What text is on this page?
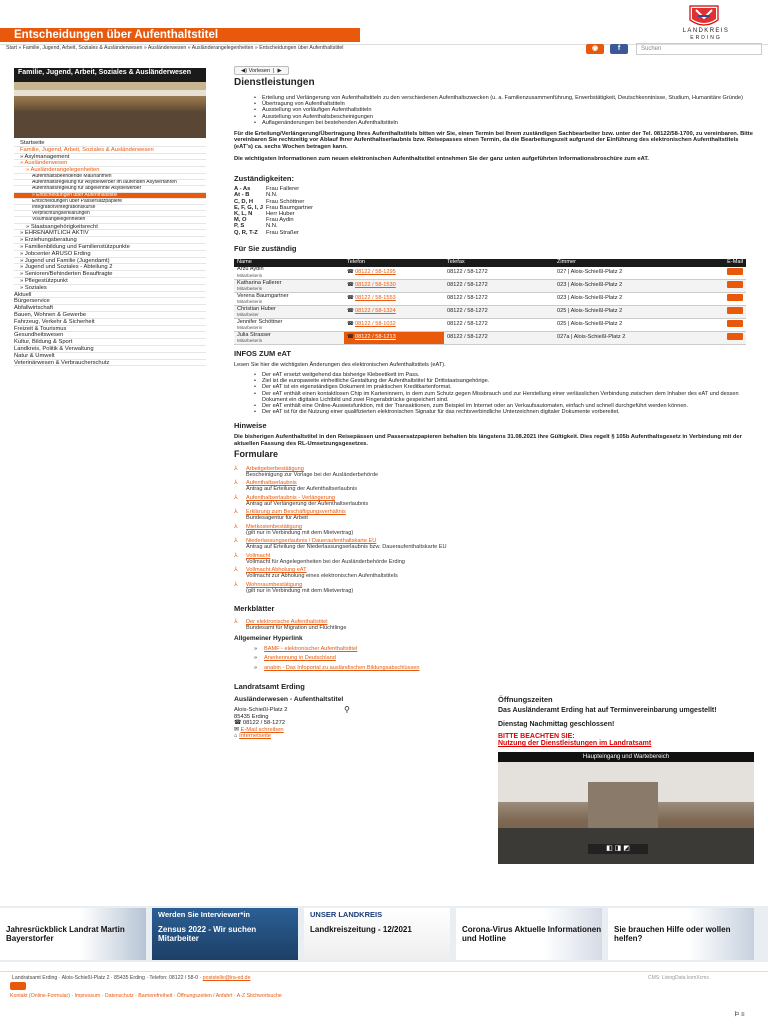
Entscheidungen über Aufenthaltstitel	LANDKREIS
ERDING
Start » Familie, Jugend, Arbeit, Soziales & Ausländerwesen » Ausländerwesen » Ausländerangelegenheiten » Entscheidungen über Aufenthaltstitel	◉	f	Suchen
Familie, Jugend, Arbeit, Soziales & Ausländerwesen
Startseite
Familie, Jugend, Arbeit, Soziales & Ausländerwesen
» Asylmanagement
» Ausländerwesen
» Ausländerangelegenheiten
Aufenthaltsbeendende Maßnahmen
Aufenthaltsregelung für Asylbewerber im laufenden Asylverfahren
Aufenthaltsregelung für abgelehnte Asylbewerber
» Entscheidungen über Aufenthaltstitel
Entscheidungen über Passersatzpapiere
Integration/Integrationskurse
Verpflichtungserklärungen
Visumsangelegenheiten
» Staatsangehörigkeitsrecht
» EHRENAMTLICH AKTIV
» Erziehungsberatung
» Familienbildung und Familienstützpunkte
» Jobcenter ARUSO Erding
» Jugend und Familie (Jugendamt)
» Jugend und Soziales - Abteilung 2
» Senioren/Behinderten Beauftragte
» Pflegestützpunkt
» Soziales
Aktuell
Bürgerservice
Abfallwirtschaft
Bauen, Wohnen & Gewerbe
Fahrzeug, Verkehr & Sicherheit
Freizeit & Tourismus
Gesundheitswesen
Kultur, Bildung & Sport
Landkreis, Politik & Verwaltung
Natur & Umwelt
Veterinärwesen & Verbraucherschutz
◀) Vorlesen  |  ▶
Dienstleistungen
• Erteilung und Verlängerung von Aufenthaltstiteln zu den verschiedenen Aufenthaltszwecken (u. a. Familienzusammenführung, Erwerbstätigkeit, Deutschkenntnisse, Studium, Humanitäre Gründe)
• Übertragung von Aufenthaltstiteln
• Ausstellung von vorläufigen Aufenthaltstiteln
• Ausstellung von Aufenthaltsbescheinigungen
• Auflagenänderungen bei bestehenden Aufenthaltstiteln

Für die Erteilung/Verlängerung/Übertragung Ihres Aufenthaltstitels bitten wir Sie, einen Termin bei Ihrem zuständigen Sachbearbeiter bzw. unter der Tel. 08122/58-1700, zu vereinbaren. Bitte vereinbaren Sie rechtzeitig vor Ablauf Ihrer Aufenthaltserlaubnis bzw. Reisepasses einen Termin, da die Bearbeitungszeit aufgrund der Einführung des elektronischen Aufenthaltstitels (eAT's) ca. sechs Wochen betragen kann.

Die wichtigsten Informationen zum neuen elektronischen Aufenthaltstitel entnehmen Sie der ganz unten aufgeführten Informationsbroschüre zum eAT.

Zuständigkeiten:
A - As	Frau Fallerer
At - B	N.N.
C, D, H Frau Schöttner
E, F, G, I, J Frau Baumgartner
K, L, N Herr Huber
M, O	Frau Aydin
P, S	N.N.
Q, R, T-Z Frau Straßer
Für Sie zuständig
Name	Telefon	Telefax	Zimmer	E-Mail

Arzu Aydin
Mitarbeiterin	☎08122 / 58-1295	08122 / 58-1272	027 | Alois-Schießl-Platz 2	

Katharina Fallerer
Mitarbeiterin	☎08122 / 58-1530	08122 / 58-1272	023 | Alois-Schießl-Platz 2	

Verena Baumgartner
Mitarbeiterin	☎08122 / 58-1553	08122 / 58-1272	023 | Alois-Schießl-Platz 2	

Christian Huber
Mitarbeiter	☎08122 / 58-1324	08122 / 58-1272	025 | Alois-Schießl-Platz 2	

Jennifer Schöttner
Mitarbeiterin	☎08122 / 58-1032	08122 / 58-1272	025 | Alois-Schießl-Platz 2	

Julia Strasser
Mitarbeiterin	☎08122 / 58-1213	08122 / 58-1272	027a | Alois-Schießl-Platz 2	
INFOS ZUM eAT

Lesen Sie hier die wichtigsten Änderungen des elektronischen Aufenthaltstitels (eAT).

• Der eAT ersetzt weitgehend das bisherige Klebeetikett im Pass.
• Ziel ist die europaweite einheitliche Gestaltung der Aufenthaltstitel für Drittstaatsangehörige.
• Der eAT ist ein eigenständiges Dokument im praktischen Kreditkartenformat.
• Der eAT enthält einen kontaktlosen Chip im Karteninnern, in dem zum Schutz gegen Missbrauch und zur Herstellung einer verlässlichen Verbindung zwischen dem Inhaber des eAT und dessen Dokument ein digitales Lichtbild und zwei Fingerabdrücke gespeichert sind.
• Der eAT enthält eine Online-Ausweisfunktion, mit der Transaktionen, zum Beispiel im Internet oder an Verkaufsautomaten, einfach und schnell durchgeführt werden können.
• Der eAT ist für die Nutzung einer qualifizierten elektronischen Signatur für das rechtsverbindliche Unterzeichnen digitaler Dokumente vorbereitet.
Hinweise

Die bisherigen Aufenthaltstitel in den Reisepässen und Passersatzpapieren behalten bis längstens 31.08.2021 ihre Gültigkeit. Dies regelt § 105b Aufenthaltsgesetz in Verbindung mit der aktuellen Fassung des RL-Umsetzungsgesetzes.

Formulare
⅄ Arbeitgeberbestätigung
Bescheinigung zur Vorlage bei der Ausländerbehörde
⅄ Aufenthaltserlaubnis
Antrag auf Erteilung der Aufenthaltserlaubnis
⅄ Aufenthaltserlaubnis - Verlängerung
Antrag auf Verlängerung der Aufenthaltserlaubnis
⅄ Erklärung zum Beschäftigungsverhältnis
Bundesagentur für Arbeit
⅄ Mietkostenbestätigung
(gilt nur in Verbindung mit dem Mietvertrag)
⅄ Niederlassungserlaubnis / Daueraufenthaltskarte EU
Antrag auf Erteilung der Niederlassungserlaubnis bzw. Daueraufenthaltskarte EU
⅄ Vollmacht
Vollmacht für Angelegenheiten bei der Ausländerbehörde Erding
⅄ Vollmacht Abholung eAT
Vollmacht zur Abholung eines elektronischen Aufenthaltstitels
⅄ Wohnraumbestätigung
(gilt nur in Verbindung mit dem Mietvertrag)
Merkblätter
⅄ Der elektronische Aufenthaltstitel
Bundesamt für Migration und Flüchtlinge
Allgemeiner Hyperlink
» BAMF - elektronischer Aufenthaltstitel
» Anerkennung in Deutschland
» anabin - Das Infoportal zu ausländischen Bildungsabschlüssen
Landratsamt Erding
Ausländerwesen - Aufenthaltstitel
Alois-Schießl-Platz 2
85435 Erding
⚲
☎ 08122 / 58-1272
✉ E-Mail schreiben
⌂ Internetseite
Öffnungszeiten
Das Ausländeramt Erding hat auf Terminvereinbarung umgestellt!
Dienstag Nachmittag geschlossen!
BITTE BEACHTEN SIE:
Nutzung der Dienstleistungen im Landratsamt
Haupteingang und Wartebereich
◧ ◨ ◩
Jahresrückblick Landrat Martin Bayerstorfer
Werden Sie Interviewer*in
Zensus 2022 - Wir suchen Mitarbeiter
UNSER LANDKREIS
Landkreiszeitung - 12/2021	Corona-Virus Aktuelle Informationen und Hotline
Sie brauchen Hilfe oder wollen helfen?
Landratsamt Erding · Alois-Schießl-Platz 2 · 85435 Erding · Telefon: 08122 / 58-0 · poststelle@lra-ed.de	CMS: LivingData komXcms
Kontakt (Online-Formular) · Impressum · Datenschutz · Barrierefreiheit · Öffnungszeiten / Anfahrt · A-Z Stichwortsuche
⚐ ≡
